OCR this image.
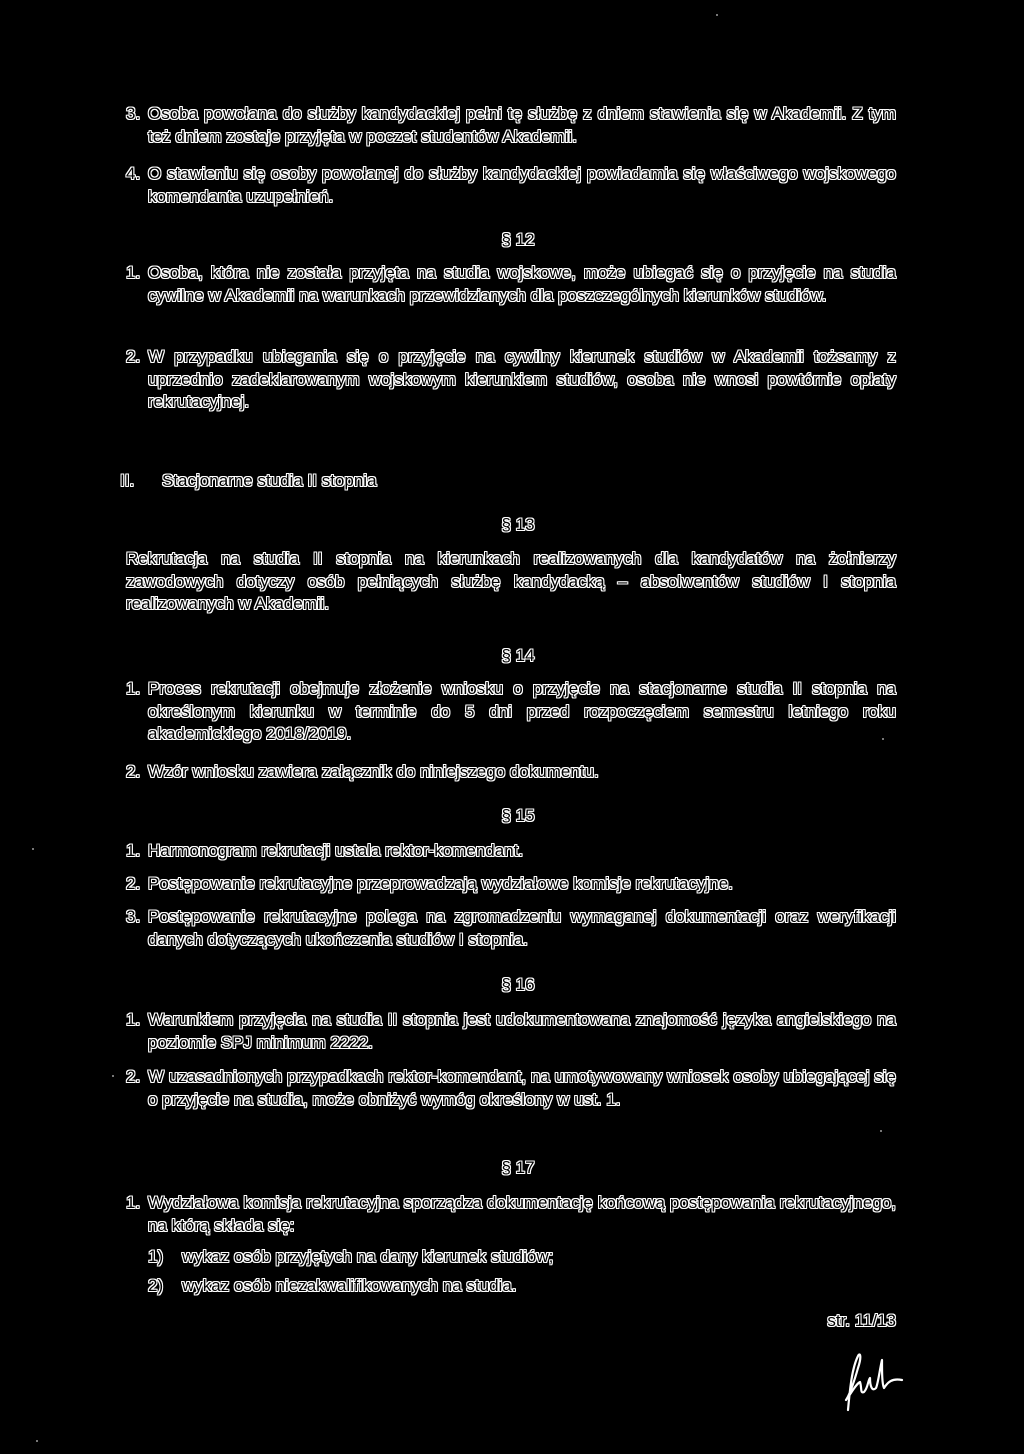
3. Osoba powołana do służby kandydackiej pełni tę służbę z dniem stawienia się w Akademii. Z tym też dniem zostaje przyjęta w poczet studentów Akademii.
4. O stawieniu się osoby powołanej do służby kandydackiej powiadamia się właściwego wojskowego komendanta uzupełnień.
§ 12
1. Osoba, która nie została przyjęta na studia wojskowe, może ubiegać się o przyjęcie na studia cywilne w Akademii na warunkach przewidzianych dla poszczególnych kierunków studiów.
2. W przypadku ubiegania się o przyjęcie na cywilny kierunek studiów w Akademii tożsamy z uprzednio zadeklarowanym wojskowym kierunkiem studiów, osoba nie wnosi powtórnie opłaty rekrutacyjnej.
II. Stacjonarne studia II stopnia
§ 13
Rekrutacja na studia II stopnia na kierunkach realizowanych dla kandydatów na żołnierzy zawodowych dotyczy osób pełniących służbę kandydacką – absolwentów studiów I stopnia realizowanych w Akademii.
§ 14
1. Proces rekrutacji obejmuje złożenie wniosku o przyjęcie na stacjonarne studia II stopnia na określonym kierunku w terminie do 5 dni przed rozpoczęciem semestru letniego roku akademickiego 2018/2019.
2. Wzór wniosku zawiera załącznik do niniejszego dokumentu.
§ 15
1. Harmonogram rekrutacji ustala rektor-komendant.
2. Postępowanie rekrutacyjne przeprowadzają wydziałowe komisje rekrutacyjne.
3. Postępowanie rekrutacyjne polega na zgromadzeniu wymaganej dokumentacji oraz weryfikacji danych dotyczących ukończenia studiów I stopnia.
§ 16
1. Warunkiem przyjęcia na studia II stopnia jest udokumentowana znajomość języka angielskiego na poziomie SPJ minimum 2222.
2. W uzasadnionych przypadkach rektor-komendant, na umotywowany wniosek osoby ubiegającej się o przyjęcie na studia, może obniżyć wymóg określony w ust. 1.
§ 17
1. Wydziałowa komisja rekrutacyjna sporządza dokumentację końcową postępowania rekrutacyjnego, na którą składa się:
1) wykaz osób przyjętych na dany kierunek studiów;
2) wykaz osób niezakwalifikowanych na studia.
str. 11/13
